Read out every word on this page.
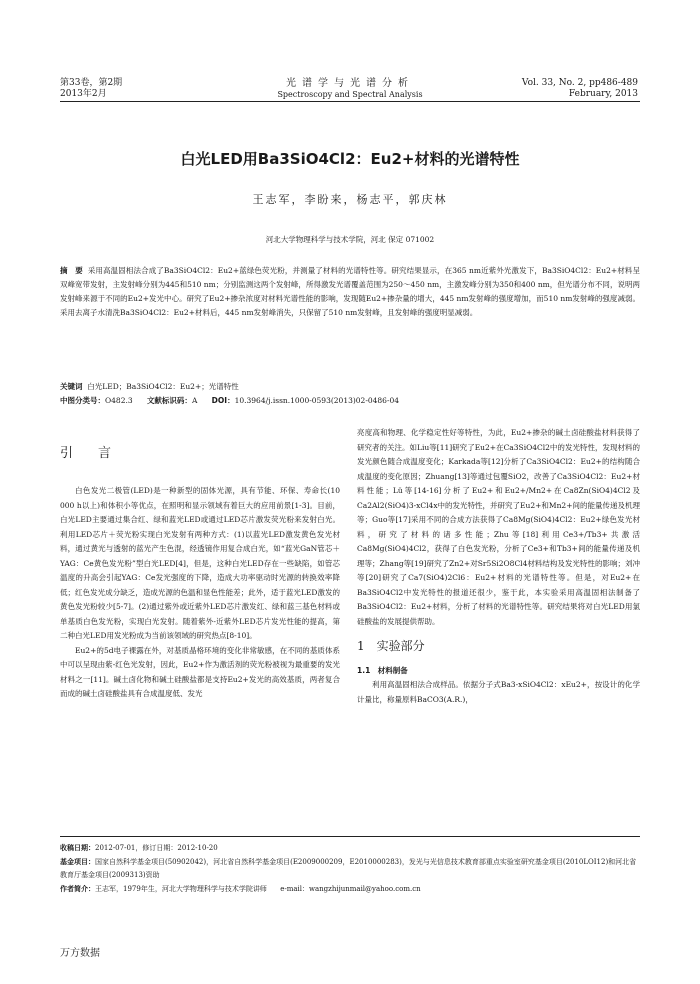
第33卷，第2期
2013年2月
光谱学与光谱分析
Spectroscopy and Spectral Analysis
Vol. 33, No. 2, pp486-489
February, 2013
白光LED用Ba3SiO4Cl2：Eu2+材料的光谱特性
王志军，李盼来，杨志平，郭庆林
河北大学物理科学与技术学院，河北 保定 071002
摘　要 采用高温固相法合成了Ba3SiO4Cl2：Eu2+蓝绿色荧光粉，并测量了材料的光谱特性等。研究结果显示，在365 nm近紫外光激发下，Ba3SiO4Cl2：Eu2+材料呈双峰宽带发射，主发射峰分别为445和510 nm；分别监测这两个发射峰，所得激发光谱覆盖范围为250～450 nm，主激发峰分别为350和400 nm，但光谱分布不同，说明两发射峰来源于不同的Eu2+发光中心。研究了Eu2+掺杂浓度对材料光谱性能的影响，发现随Eu2+掺杂量的增大，445 nm发射峰的强度增加，而510 nm发射峰的强度减弱。采用去离子水清洗Ba3SiO4Cl2：Eu2+材料后，445 nm发射峰消失，只保留了510 nm发射峰，且发射峰的强度明显减弱。
关键词 白光LED；Ba3SiO4Cl2：Eu2+；光谱特性
中图分类号：O482.3 文献标识码：A DOI：10.3964/j.issn.1000-0593(2013)02-0486-04
引　言

白色发光二极管(LED)是一种新型的固体光源，具有节能、环保、寿命长(10 000 h以上)和体积小等优点，在照明和显示领域有着巨大的应用前景[1-3]。目前，白光LED主要通过集合红、绿和蓝光LED或通过LED芯片激发荧光粉来发射白光。利用LED芯片＋荧光粉实现白光发射有两种方式：(1)以蓝光LED激发黄色发光材料，通过黄光与透射的蓝光产生色混，经透镜作用复合成白光，如“蓝光GaN管芯＋YAG：Ce黄色发光粉”型白光LED[4]，但是，这种白光LED存在一些缺陷，如管芯温度的升高会引起YAG：Ce发光强度的下降，造成大功率驱动时光源的转换效率降低；红色发光成分缺乏，造成光源的色温和显色性能差；此外，适于蓝光LED激发的黄色发光粉较少[5-7]。(2)通过紫外或近紫外LED芯片激发红、绿和蓝三基色材料或单基质白色发光粉，实现白光发射。随着紫外-近紫外LED芯片发光性能的提高，第二种白光LED用发光粉成为当前该领域的研究热点[8-10]。

Eu2+的5d电子裸露在外，对基质晶格环境的变化非常敏感，在不同的基质体系中可以呈现由紫-红色光发射，因此，Eu2+作为激活剂的荧光粉被视为最重要的发光材料之一[11]。碱土卤化物和碱土硅酸盐都是支持Eu2+发光的高效基质，两者复合而成的碱土卤硅酸盐具有合成温度低、发光

亮度高和物理、化学稳定性好等特性，为此，Eu2+掺杂的碱土卤硅酸盐材料获得了研究者的关注。如Liu等[11]研究了Eu2+在Ca3SiO4Cl2中的发光特性，发现材料的发光颜色随合成温度变化；Karkada等[12]分析了Ca3SiO4Cl2：Eu2+的结构随合成温度的变化原因；Zhuang[13]等通过包覆SiO2，改善了Ca3SiO4Cl2：Eu2+材料性能；Lü等[14-16]分析了Eu2+和Eu2+/Mn2+在Ca8Zn(SiO4)4Cl2及Ca2Al2(SiO4)3-xCl4x中的发光特性，并研究了Eu2+和Mn2+间的能量传递及机理等；Guo等[17]采用不同的合成方法获得了Ca8Mg(SiO4)4Cl2：Eu2+绿色发光材料，研究了材料的诸多性能；Zhu等[18]利用Ce3+/Tb3+共激活Ca8Mg(SiO4)4Cl2，获得了白色发光粉，分析了Ce3+和Tb3+间的能量传递及机理等；Zhang等[19]研究了Zn2+对Sr5Si2O8Cl4材料结构及发光特性的影响；刘冲等[20]研究了Ca7(SiO4)2Cl6：Eu2+材料的光谱特性等。但是，对Eu2+在Ba3SiO4Cl2中发光特性的报道还很少，鉴于此，本实验采用高温固相法制备了Ba3SiO4Cl2：Eu2+材料，分析了材料的光谱特性等。研究结果将对白光LED用氯硅酸盐的发展提供帮助。

1　实验部分
1.1　材料制备

利用高温固相法合成样品。依据分子式Ba3-xSiO4Cl2：xEu2+，按设计的化学计量比，称量原料BaCO3(A.R.)，

收稿日期：2012-07-01，修订日期：2012-10-20
基金项目：国家自然科学基金项目(50902042)，河北省自然科学基金项目(E2009000209，E2010000283)，发光与光信息技术教育部重点实验室研究基金项目(2010LOI12)和河北省教育厅基金项目(2009313)资助
作者简介：王志军，1979年生，河北大学物理科学与技术学院讲师 e-mail：wangzhijunmail@yahoo.com.cn
万方数据
